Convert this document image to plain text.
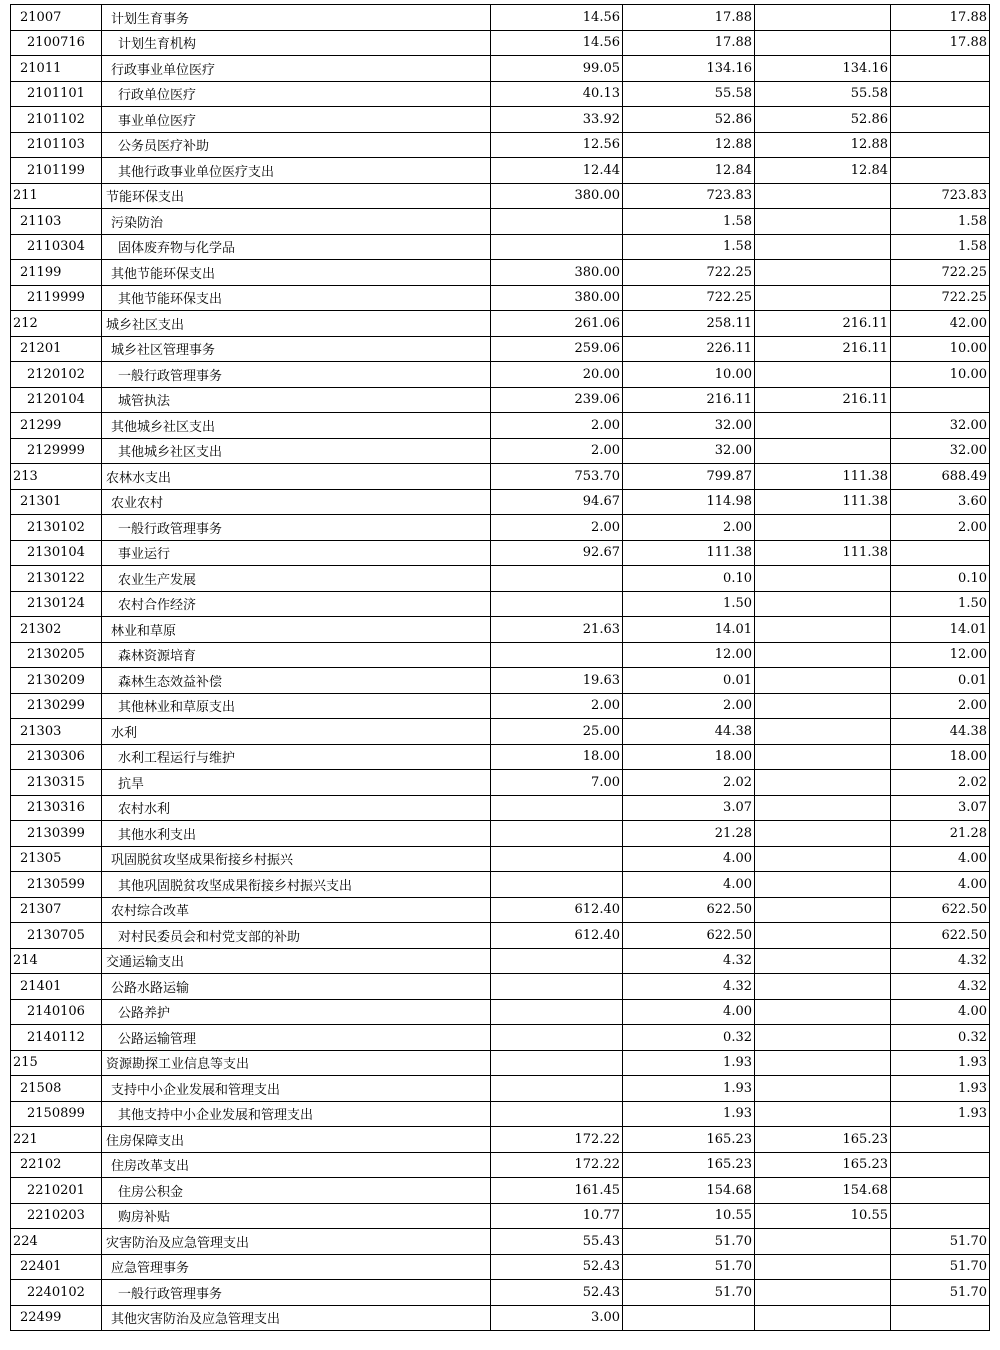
21007	计划生育事务	14.56	17.88		17.88
2100716	计划生育机构	14.56	17.88		17.88
21011	行政事业单位医疗	99.05	134.16	134.16	
2101101	行政单位医疗	40.13	55.58	55.58	
2101102	事业单位医疗	33.92	52.86	52.86	
2101103	公务员医疗补助	12.56	12.88	12.88	
2101199	其他行政事业单位医疗支出	12.44	12.84	12.84	
211	节能环保支出	380.00	723.83		723.83
21103	污染防治		1.58		1.58
2110304	固体废弃物与化学品		1.58		1.58
21199	其他节能环保支出	380.00	722.25		722.25
2119999	其他节能环保支出	380.00	722.25		722.25
212	城乡社区支出	261.06	258.11	216.11	42.00
21201	城乡社区管理事务	259.06	226.11	216.11	10.00
2120102	一般行政管理事务	20.00	10.00		10.00
2120104	城管执法	239.06	216.11	216.11	
21299	其他城乡社区支出	2.00	32.00		32.00
2129999	其他城乡社区支出	2.00	32.00		32.00
213	农林水支出	753.70	799.87	111.38	688.49
21301	农业农村	94.67	114.98	111.38	3.60
2130102	一般行政管理事务	2.00	2.00		2.00
2130104	事业运行	92.67	111.38	111.38	
2130122	农业生产发展		0.10		0.10
2130124	农村合作经济		1.50		1.50
21302	林业和草原	21.63	14.01		14.01
2130205	森林资源培育		12.00		12.00
2130209	森林生态效益补偿	19.63	0.01		0.01
2130299	其他林业和草原支出	2.00	2.00		2.00
21303	水利	25.00	44.38		44.38
2130306	水利工程运行与维护	18.00	18.00		18.00
2130315	抗旱	7.00	2.02		2.02
2130316	农村水利		3.07		3.07
2130399	其他水利支出		21.28		21.28
21305	巩固脱贫攻坚成果衔接乡村振兴		4.00		4.00
2130599	其他巩固脱贫攻坚成果衔接乡村振兴支出		4.00		4.00
21307	农村综合改革	612.40	622.50		622.50
2130705	对村民委员会和村党支部的补助	612.40	622.50		622.50
214	交通运输支出		4.32		4.32
21401	公路水路运输		4.32		4.32
2140106	公路养护		4.00		4.00
2140112	公路运输管理		0.32		0.32
215	资源勘探工业信息等支出		1.93		1.93
21508	支持中小企业发展和管理支出		1.93		1.93
2150899	其他支持中小企业发展和管理支出		1.93		1.93
221	住房保障支出	172.22	165.23	165.23	
22102	住房改革支出	172.22	165.23	165.23	
2210201	住房公积金	161.45	154.68	154.68	
2210203	购房补贴	10.77	10.55	10.55	
224	灾害防治及应急管理支出	55.43	51.70		51.70
22401	应急管理事务	52.43	51.70		51.70
2240102	一般行政管理事务	52.43	51.70		51.70
22499	其他灾害防治及应急管理支出	3.00			
